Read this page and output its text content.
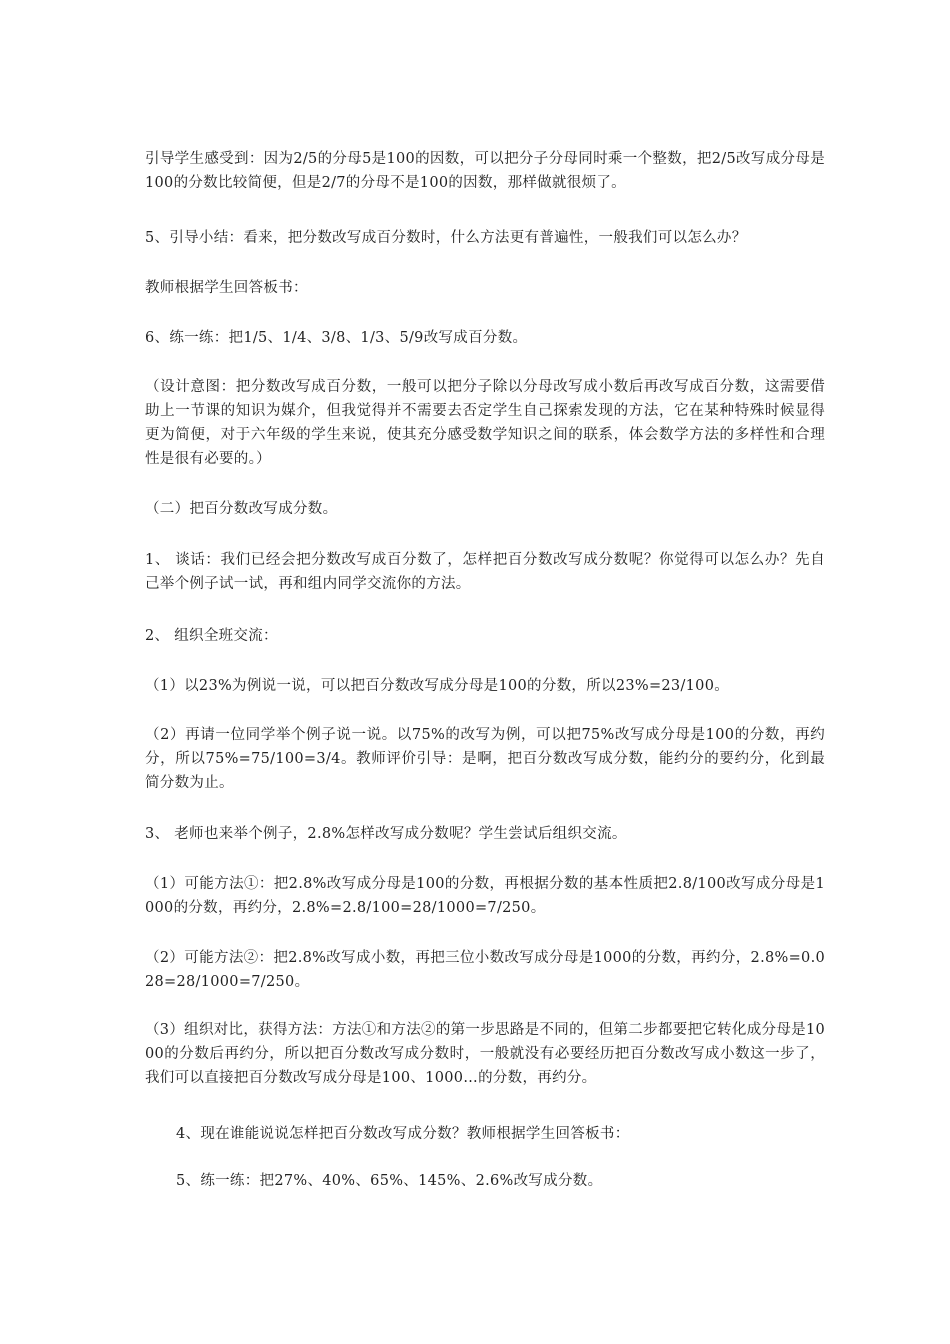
引导学生感受到：因为2/5的分母5是100的因数，可以把分子分母同时乘一个整数，把2/5改写成分母是100的分数比较简便，但是2/7的分母不是100的因数，那样做就很烦了。

5、引导小结：看来，把分数改写成百分数时，什么方法更有普遍性，一般我们可以怎么办？

教师根据学生回答板书：

6、练一练：把1/5、1/4、3/8、1/3、5/9改写成百分数。

（设计意图：把分数改写成百分数，一般可以把分子除以分母改写成小数后再改写成百分数，这需要借助上一节课的知识为媒介，但我觉得并不需要去否定学生自己探索发现的方法，它在某种特殊时候显得更为简便，对于六年级的学生来说，使其充分感受数学知识之间的联系，体会数学方法的多样性和合理性是很有必要的。）

（二）把百分数改写成分数。

1、 谈话：我们已经会把分数改写成百分数了，怎样把百分数改写成分数呢？你觉得可以怎么办？先自己举个例子试一试，再和组内同学交流你的方法。

2、 组织全班交流：

（1）以23%为例说一说，可以把百分数改写成分母是100的分数，所以23%=23/100。

（2）再请一位同学举个例子说一说。以75%的改写为例，可以把75%改写成分母是100的分数，再约分，所以75%=75/100=3/4。教师评价引导：是啊，把百分数改写成分数，能约分的要约分，化到最简分数为止。

3、 老师也来举个例子，2.8%怎样改写成分数呢？学生尝试后组织交流。

（1）可能方法①：把2.8%改写成分母是100的分数，再根据分数的基本性质把2.8/100改写成分母是1000的分数，再约分，2.8%=2.8/100=28/1000=7/250。

（2）可能方法②：把2.8%改写成小数，再把三位小数改写成分母是1000的分数，再约分，2.8%=0.028=28/1000=7/250。

（3）组织对比，获得方法：方法①和方法②的第一步思路是不同的，但第二步都要把它转化成分母是1000的分数后再约分，所以把百分数改写成分数时，一般就没有必要经历把百分数改写成小数这一步了，我们可以直接把百分数改写成分母是100、1000…的分数，再约分。

4、现在谁能说说怎样把百分数改写成分数？教师根据学生回答板书：

5、练一练：把27%、40%、65%、145%、2.6%改写成分数。
